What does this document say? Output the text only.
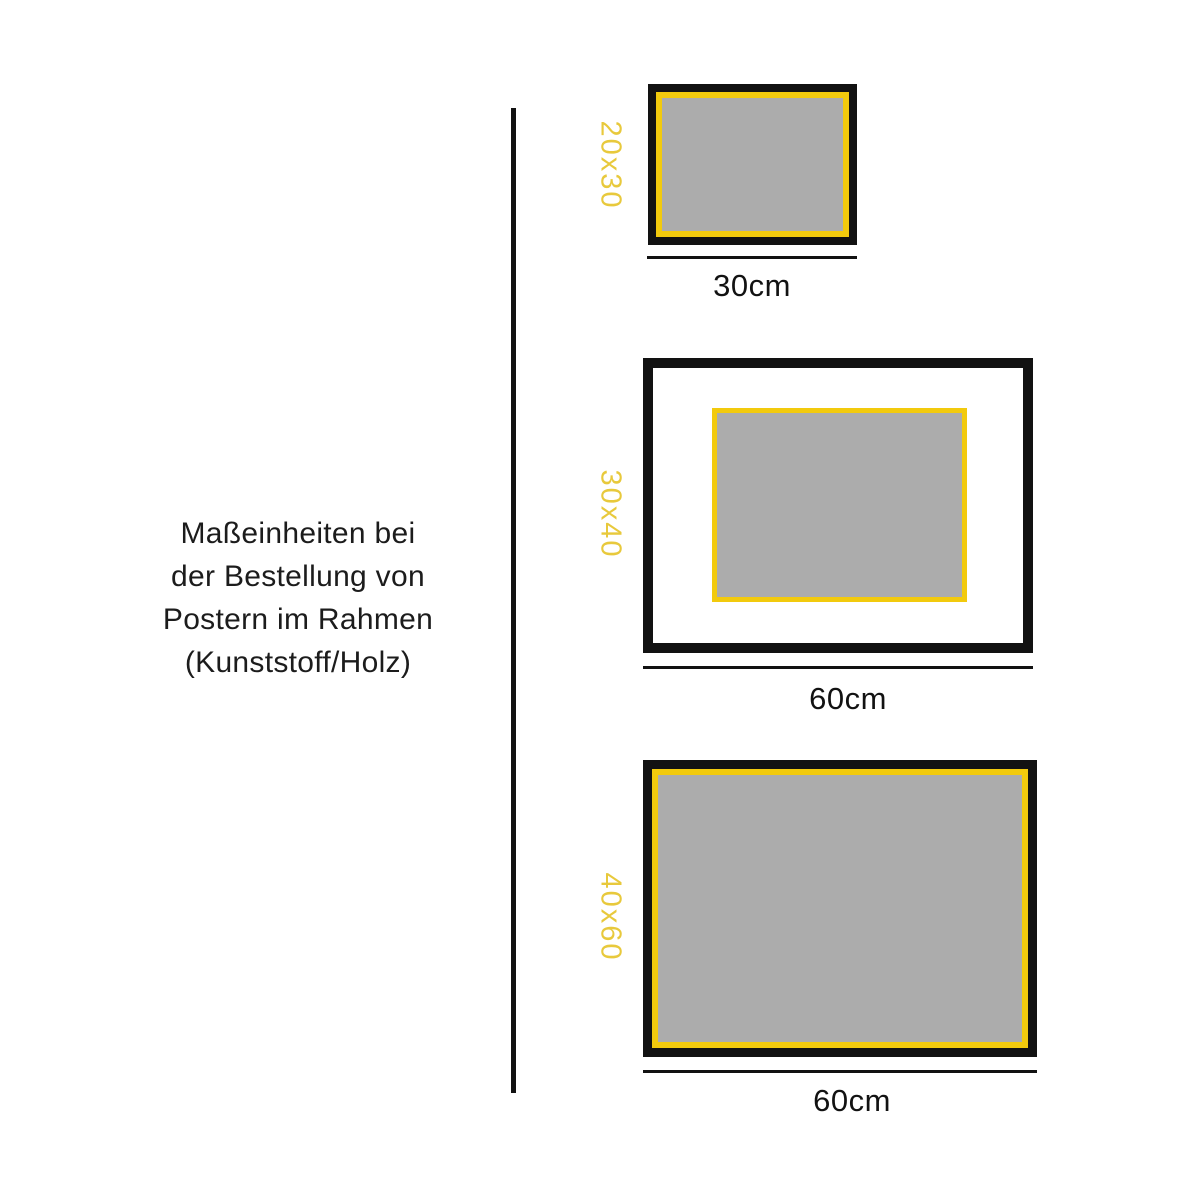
Maßeinheiten bei
der Bestellung von
Postern im Rahmen
(Kunststoff/Holz)
20x30
30cm
30x40
60cm
40x60
60cm
